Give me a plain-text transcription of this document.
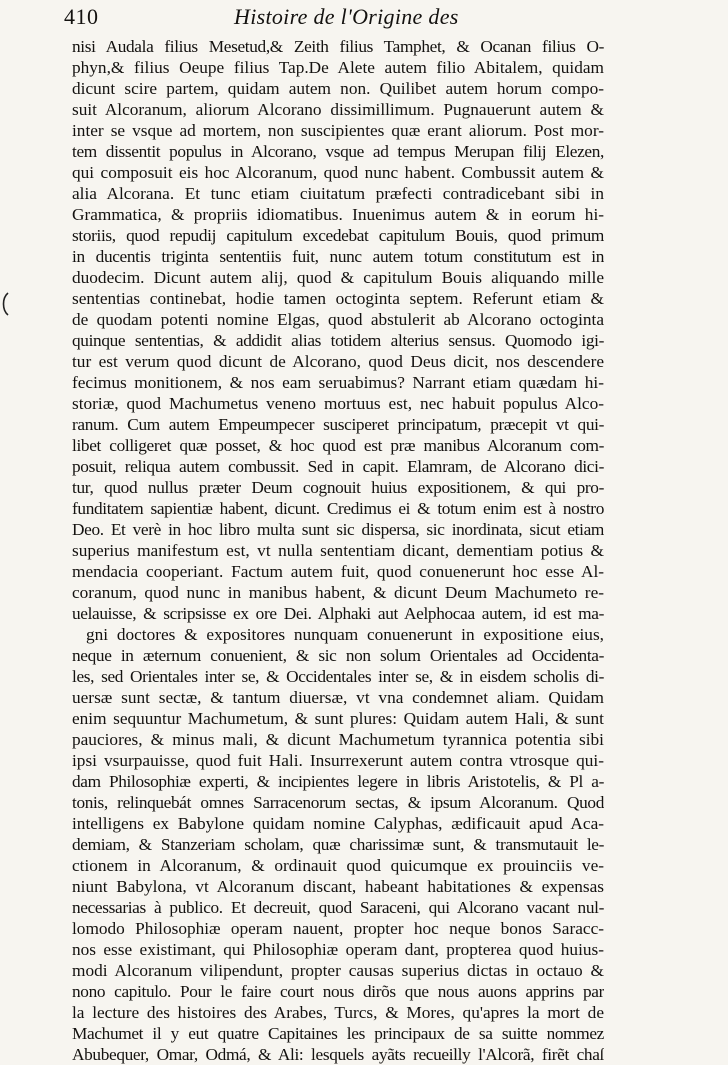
410	Histoire de l'Origine des
nisi Audala filius Mesetud,& Zeith filius Tamphet, & Ocanan filius O-
phyn,& filius Oeupe filius Tap.De Alete autem filio Abitalem, quidam
dicunt scire partem, quidam autem non. Quilibet autem horum compo-
suit Alcoranum, aliorum Alcorano dissimillimum. Pugnauerunt autem &
inter se vsque ad mortem, non suscipientes quæ erant aliorum. Post mor-
tem dissentit populus in Alcorano, vsque ad tempus Merupan filij Elezen,
qui composuit eis hoc Alcoranum, quod nunc habent. Combussit autem &
alia Alcorana. Et tunc etiam ciuitatum præfecti contradicebant sibi in
Grammatica, & propriis idiomatibus. Inuenimus autem & in eorum hi-
storiis, quod repudij capitulum excedebat capitulum Bouis, quod primum
in ducentis triginta sententiis fuit, nunc autem totum constitutum est in
duodecim. Dicunt autem alij, quod & capitulum Bouis aliquando mille
sententias continebat, hodie tamen octoginta septem. Referunt etiam &
de quodam potenti nomine Elgas, quod abstulerit ab Alcorano octoginta
quinque sententias, & addidit alias totidem alterius sensus. Quomodo igi-
tur est verum quod dicunt de Alcorano, quod Deus dicit, nos descendere
fecimus monitionem, & nos eam seruabimus? Narrant etiam quædam hi-
storiæ, quod Machumetus veneno mortuus est, nec habuit populus Alco-
ranum. Cum autem Empeumpecer susciperet principatum, præcepit vt qui-
libet colligeret quæ posset, & hoc quod est præ manibus Alcoranum com-
posuit, reliqua autem combussit. Sed in capit. Elamram, de Alcorano dici-
tur, quod nullus præter Deum cognouit huius expositionem, & qui pro-
funditatem sapientiæ habent, dicunt. Credimus ei & totum enim est à nostro
Deo. Et verè in hoc libro multa sunt sic dispersa, sic inordinata, sicut etiam
superius manifestum est, vt nulla sententiam dicant, dementiam potius &
mendacia cooperiant. Factum autem fuit, quod conuenerunt hoc esse Al-
coranum, quod nunc in manibus habent, & dicunt Deum Machumeto re-
uelauisse, & scripsisse ex ore Dei. Alphaki aut Aelphocaa autem, id est ma-
gni doctores & expositores nunquam conuenerunt in expositione eius,
neque in æternum conuenient, & sic non solum Orientales ad Occidenta-
les, sed Orientales inter se, & Occidentales inter se, & in eisdem scholis di-
uersæ sunt sectæ, & tantum diuersæ, vt vna condemnet aliam. Quidam
enim sequuntur Machumetum, & sunt plures: Quidam autem Hali, & sunt
pauciores, & minus mali, & dicunt Machumetum tyrannica potentia sibi
ipsi vsurpauisse, quod fuit Hali. Insurrexerunt autem contra vtrosque qui-
dam Philosophiæ experti, & incipientes legere in libris Aristotelis, & Pl a-
tonis, relinquebát omnes Sarracenorum sectas, & ipsum Alcoranum. Quod
intelligens ex Babylone quidam nomine Calyphas, ædificauit apud Aca-
demiam, & Stanzeriam scholam, quæ charissimæ sunt, & transmutauit le-
ctionem in Alcoranum, & ordinauit quod quicumque ex prouinciis ve-
niunt Babylona, vt Alcoranum discant, habeant habitationes & expensas
necessarias à publico. Et decreuit, quod Saraceni, qui Alcorano vacant nul-
lomodo Philosophiæ operam nauent, propter hoc neque bonos Saracc-
nos esse existimant, qui Philosophiæ operam dant, propterea quod huius-
modi Alcoranum vilipendunt, propter causas superius dictas in octauo &
nono capitulo. Pour le faire court nous dirõs que nous auons apprins par
la lecture des histoires des Arabes, Turcs, & Mores, qu'apres la mort de
Machumet il y eut quatre Capitaines les principaux de sa suitte nommez
Abubequer, Omar, Odmá, & Ali: lesquels ayãts recueilly l'Alcorã, firẽt chaſ
